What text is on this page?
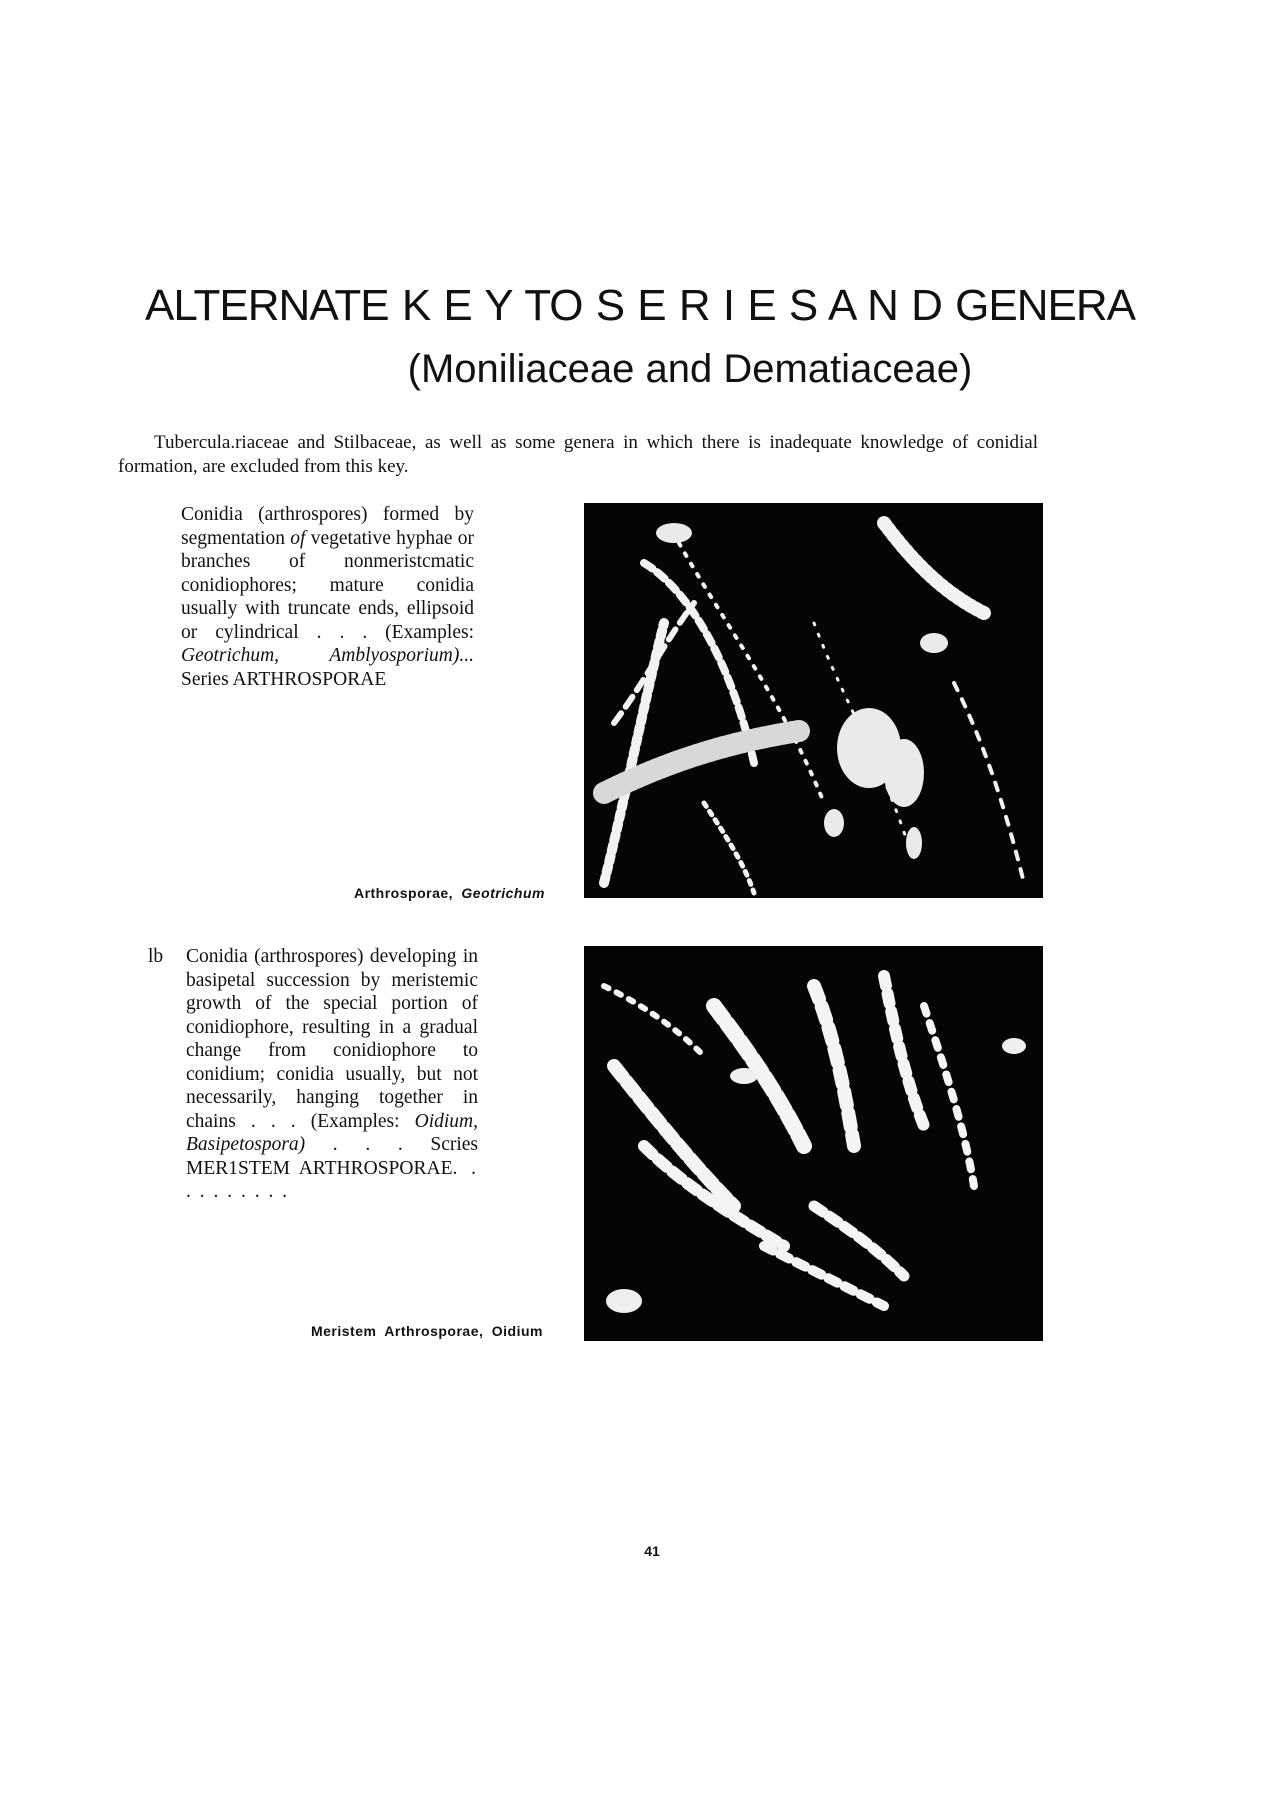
ALTERNATE K E Y TO S E R I E S A N D GENERA
(Moniliaceae and Dematiaceae)

Tubercula.riaceae and Stilbaceae, as well as some genera in which there is inadequate knowledge of conidial formation, are excluded from this key.

Conidia (arthrospores) formed by segmentation of vegetative hyphae or branches of nonmeristcmatic conidiophores; mature conidia usually with truncate ends, ellipsoid or cylindrical . . . (Examples: Geotrichum, Amblyosporium)... Series ARTHROSPORAE
Arthrosporae, Geotrichum
lb Conidia (arthrospores) developing in basipetal succession by meristemic growth of the special portion of conidiophore, resulting in a gradual change from conidiophore to conidium; conidia usually, but not necessarily, hanging together in chains . . . (Examples: Oidium, Basipetospora) . . . Scries MER1STEM ARTHROSPORAE. . . . . . . . . .
Meristem Arthrosporae, Oidium
41
